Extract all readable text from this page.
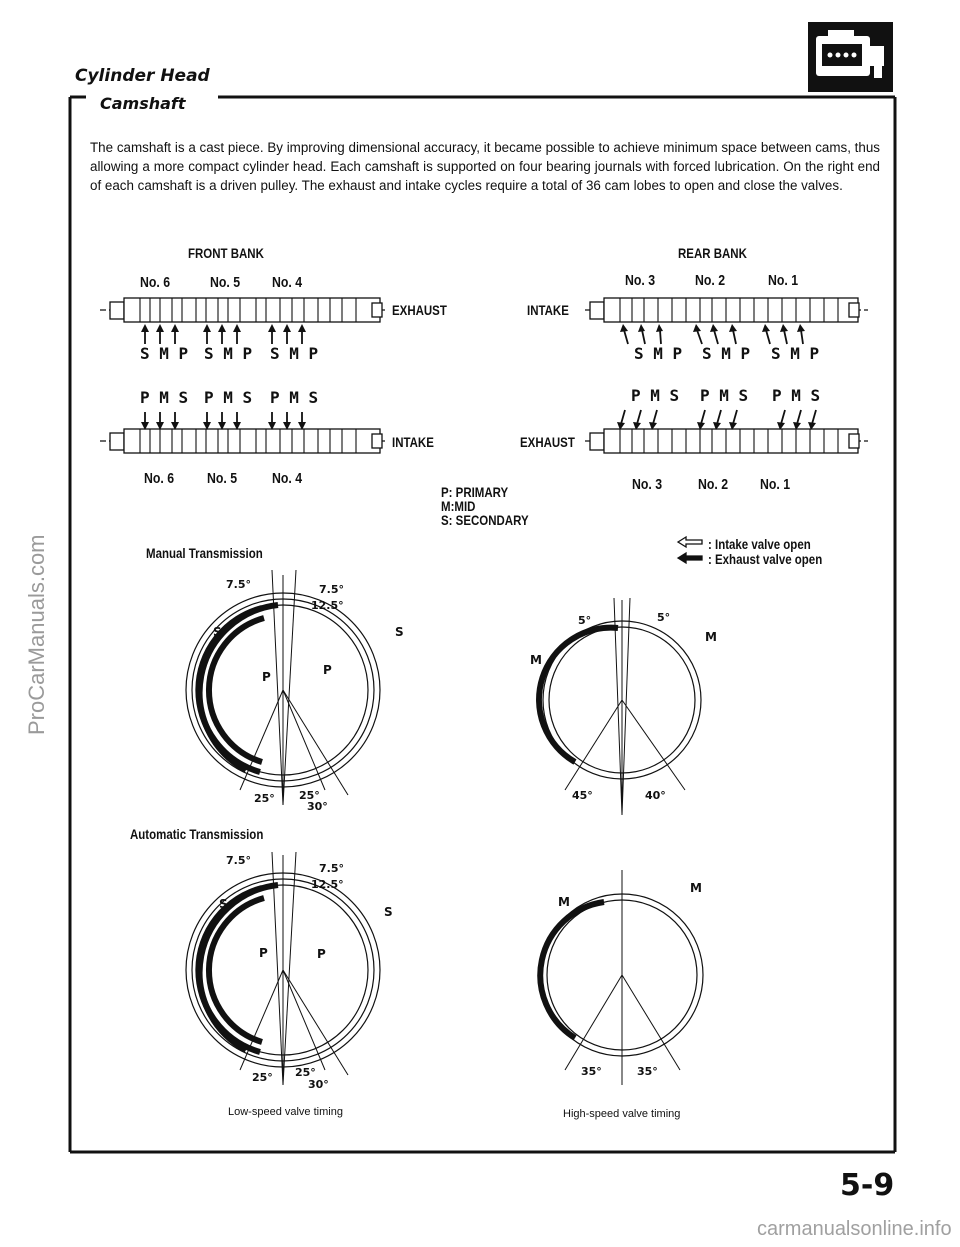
Cylinder Head
Camshaft
The camshaft is a cast piece. By improving dimensional accuracy, it became possible to achieve minimum space between cams, thus allowing a more compact cylinder head. Each camshaft is supported on four bearing journals with forced lubrication. On the right end of each camshaft is a driven pulley. The exhaust and intake cycles require a total of 36 cam lobes to open and close the valves.
FRONT BANK	REAR BANK
No. 6	No. 5 No. 4	No. 3	No. 2	No. 1
EXHAUST	INTAKE
INTAKE	EXHAUST
S M P S M P S M P	S M P S M P S M P
P M S P M S P M S	P M S P M S P M S
No. 6 No. 5 No. 4	No. 3 No. 2 No. 1
P: PRIMARY
M:MID
S: SECONDARY
: Intake valve open
: Exhaust valve open
Manual Transmission
Automatic Transmission
7.5°	7.5°
12.5°
S	S
P	P
25° 25°
30°
5°	5°
M
M
45°	40°
7.5°
7.5°
12.5°
S
S
P	P
25° 25°
30°
M
M
35°	35°
Low-speed valve timing	High-speed valve timing
5-9
ProCarManuals.com
carmanualsonline.info
